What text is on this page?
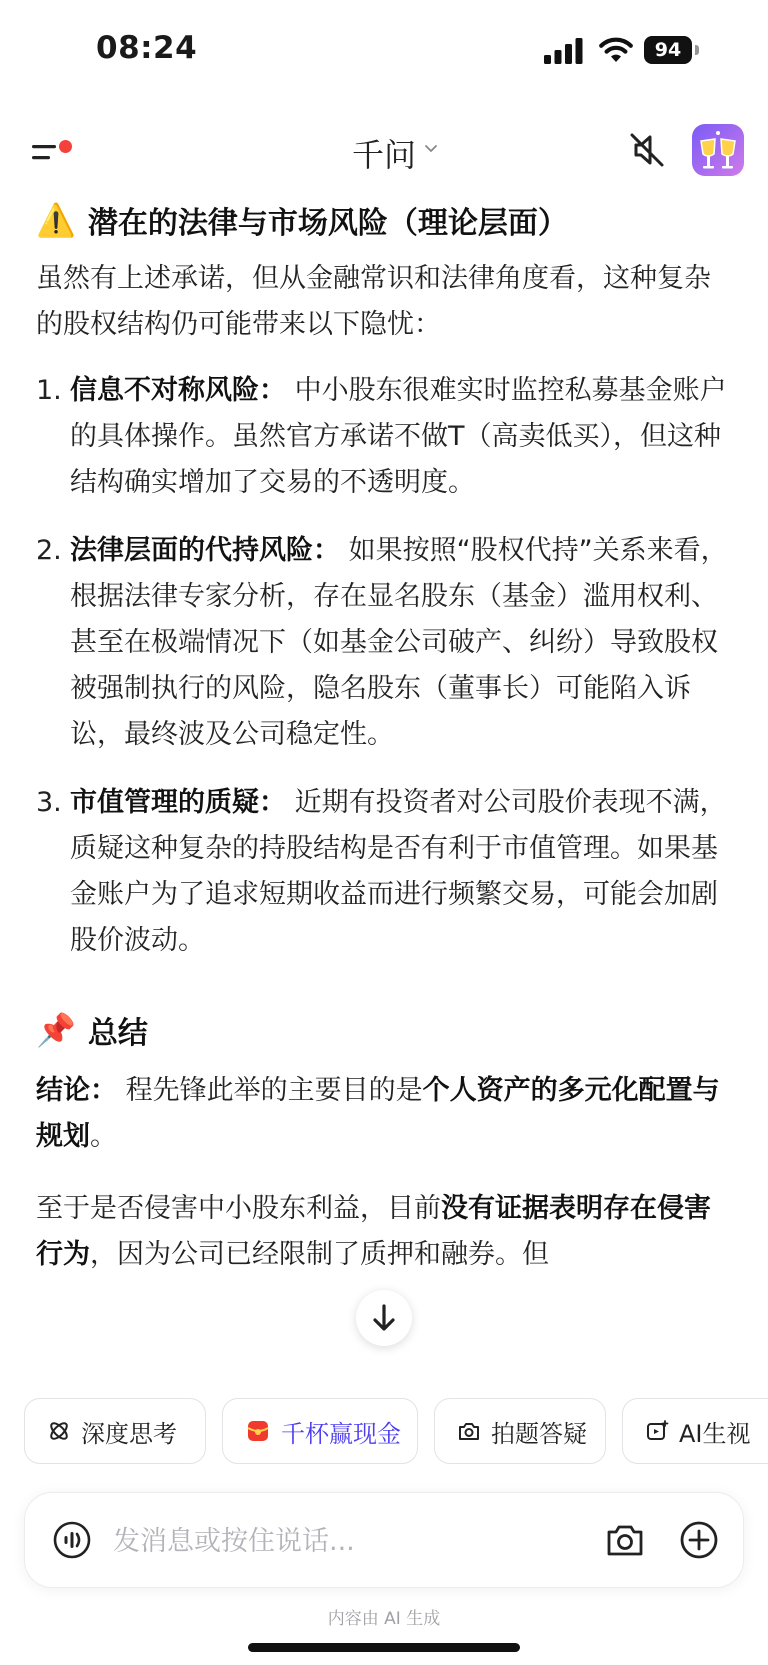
08:24	94
千问
⚠️ 潜在的法律与市场风险（理论层面）

虽然有上述承诺，但从金融常识和法律角度看，这种复杂的股权结构仍可能带来以下隐忧：

1. 信息不对称风险： 中小股东很难实时监控私募基金账户的具体操作。虽然官方承诺不做T（高卖低买），但这种结构确实增加了交易的不透明度。
2. 法律层面的代持风险： 如果按照“股权代持”关系来看，根据法律专家分析，存在显名股东（基金）滥用权利、甚至在极端情况下（如基金公司破产、纠纷）导致股权被强制执行的风险，隐名股东（董事长）可能陷入诉讼，最终波及公司稳定性。
3. 市值管理的质疑： 近期有投资者对公司股价表现不满，质疑这种复杂的持股结构是否有利于市值管理。如果基金账户为了追求短期收益而进行频繁交易，可能会加剧股价波动。
📌 总结

结论： 程先锋此举的主要目的是个人资产的多元化配置与规划。

至于是否侵害中小股东利益，目前没有证据表明存在侵害行为，因为公司已经限制了质押和融券。但

深度思考	千杯赢现金	拍题答疑	AI生视
发消息或按住说话...
内容由 AI 生成
